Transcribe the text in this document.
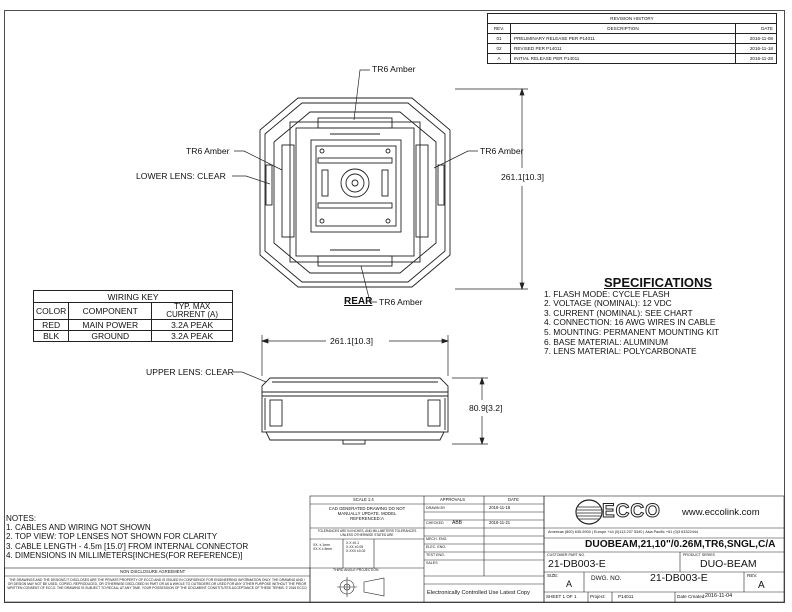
REVISION HISTORY		
REV.	DESCRIPTION	DATE
01	PRELIMINARY RELEASE PER P14011	2016-11-08
02	REVISED PER P14011	2016-11-18
A	INITIAL RELEASE PER P14011	2016-11-28
TR6 Amber
TR6 Amber
LOWER LENS: CLEAR
TR6 Amber
TR6 Amber
REAR
UPPER LENS: CLEAR
261.1[10.3]
261.1[10.3]
80.9[3.2]
WIRING KEY		
COLOR	COMPONENT	TYP. MAX CURRENT (A)
RED	MAIN POWER	3.2A PEAK
BLK	GROUND	3.2A PEAK
SPECIFICATIONS
1. FLASH MODE: CYCLE FLASH
2. VOLTAGE (NOMINAL): 12 VDC
3. CURRENT (NOMINAL): SEE CHART
4. CONNECTION: 16 AWG WIRES IN CABLE
5. MOUNTING: PERMANENT MOUNTING KIT
6. BASE MATERIAL: ALUMINUM
7. LENS MATERIAL: POLYCARBONATE
NOTES:
1. CABLES AND WIRING NOT SHOWN
2. TOP VIEW: TOP LENSES NOT SHOWN FOR CLARITY
3. CABLE LENGTH - 4.5m [15.0'] FROM INTERNAL CONNECTOR
4. DIMENSIONS IN MILLIMETERS[INCHES(FOR REFERENCE)]
NON DISCLOSURE AGREEMENT
THE DRAWINGS AND THE DESIGNS IT DISCLOSES ARE THE PRIVATE PROPERTY OF ECCO AND IS ISSUED IN CONFIDENCE FOR ENGINEERING INFORMATION ONLY. THE DRAWING AND / OR DESIGN MAY NOT BE USED, COPIED, REPRODUCED, OR OTHERWISE DISCLOSED IN PART OR AS A WHOLE TO OUTSIDERS OR USED FOR ANY OTHER PURPOSE WITHOUT THE PRIOR WRITTEN CONSENT OF ECCO. THE DRAWING IS SUBJECT TO RECALL AT ANY TIME. YOUR POSSESSION OF THE DOCUMENT CONSTITUTES ACCEPTANCE OF THESE TERMS. © 2016 ECCO
SCALE 1:4
CAD GENERATED DRAWING DO NOT MANUALLY UPDATE. MODEL REFERENCED:A
TOLERANCES ARE IN INCHES, AND MILLIMETERS TOLERANCES UNLESS OTHERWISE STATED ARE
XX. ±.1mm
XX.X ±.5mm
X.X ±0.1
X.XX ±0.05
X.XXX ±0.02
THIRD ANGLE PROJECTION
APPROVALS	DATE
DRAWN BY	2016-11-18
CHECKED ABB	2016-11-21
MECH. ENG.
ELEC. ENG.
TEST ENG.
SALES
Electronically Controlled Use Latest Copy
ECCO www.eccolink.com
Americas (800) 635-5900 | Europe +44 (0)113 237 5340 | Asia Pacific +61 (0)3 63322444
DUOBEAM,21,10"/0.26M,TR6,SNGL,C/A
CUSTOMER PART NO.
21-DB003-E
PRODUCT SERIES
DUO-BEAM
SIZE:
A
DWG. NO.	21-DB003-E	REV.
A
SHEET 1 OF 1	Project:	P14011	Date Created: 2016-11-04
